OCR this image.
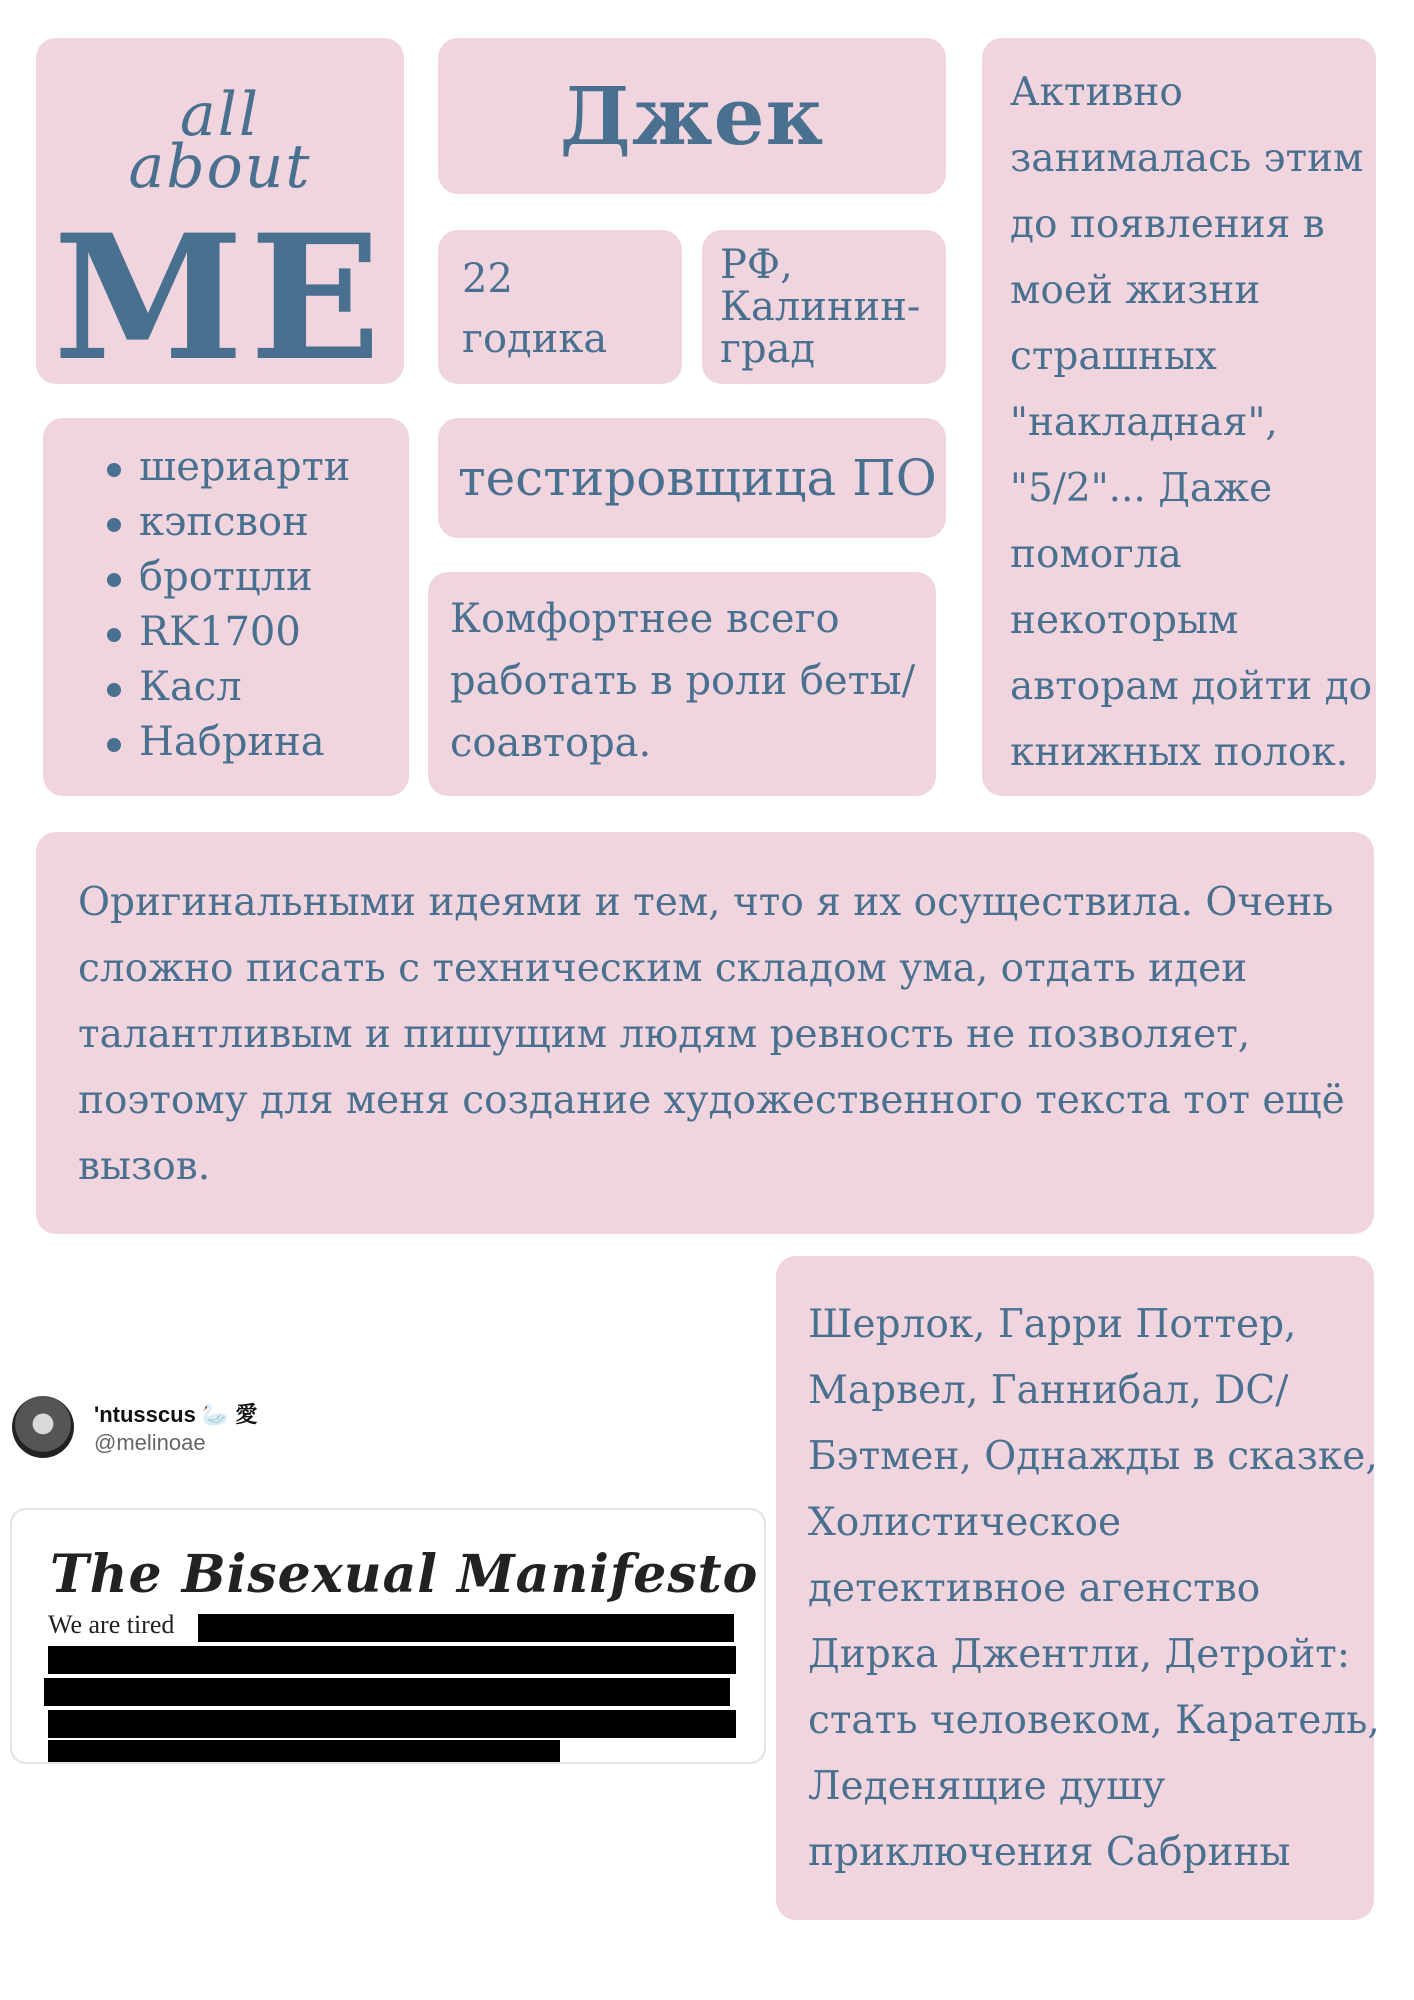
all
about
ME
Джек
22
годика
РФ,
Калинин-
град
шериарти
кэпсвон
бротцли
RK1700
Касл
Набрина
тестировщица ПО
Комфортнее всего
работать в роли беты/
соавтора.
Активно
занималась этим
до появления в
моей жизни
страшных
"накладная",
"5/2"... Даже
помогла
некоторым
авторам дойти до
книжных полок.
Оригинальными идеями и тем, что я их осуществила. Очень
сложно писать с техническим складом ума, отдать идеи
талантливым и пишущим людям ревность не позволяет,
поэтому для меня создание художественного текста тот ещё
вызов.
Шерлок, Гарри Поттер,
Марвел, Ганнибал, DC/
Бэтмен, Однажды в сказке,
Холистическое
детективное агенство
Дирка Джентли, Детройт:
стать человеком, Каратель,
Леденящие душу
приключения Сабрины
'ntusscus 🦢 愛
@melinoae
The Bisexual Manifesto
We are tired
